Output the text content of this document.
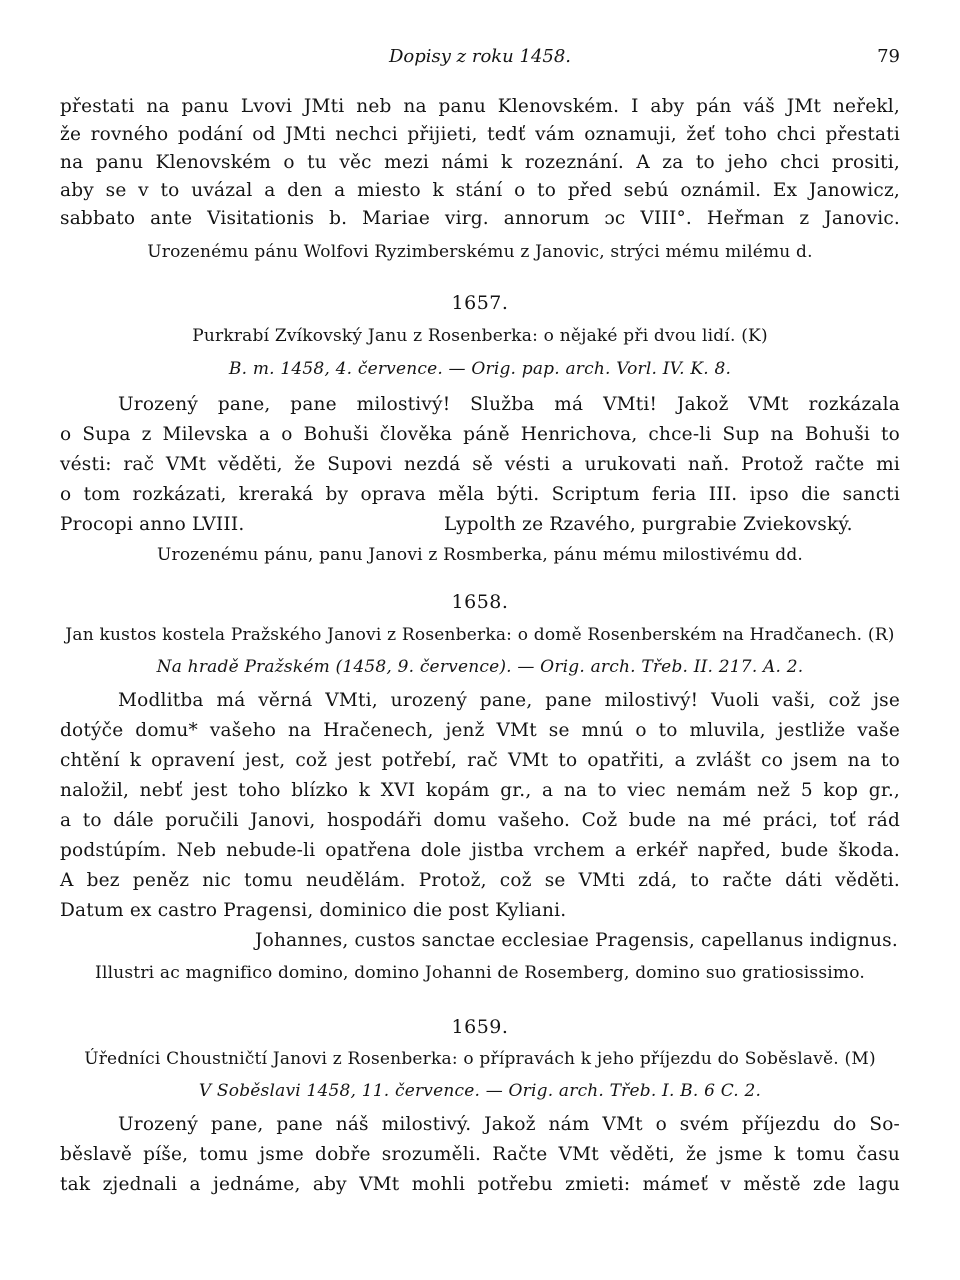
Dopisy z roku 1458.	79
přestati na panu Lvovi JMti neb na panu Klenovském. I aby pán váš JMt neřekl,
že rovného podání od JMti nechci přijieti, tedť vám oznamuji, žeť toho chci přestati
na panu Klenovském o tu věc mezi námi k rozeznání. A za to jeho chci prositi,
aby se v to uvázal a den a miesto k stání o to před sebú oznámil. Ex Janowicz,
sabbato ante Visitationis b. Mariae virg. annorum ɔc VIII°. Heřman z Janovic.
Urozenému pánu Wolfovi Ryzimberskému z Janovic, strýci mému milému d.
1657.
Purkrabí Zvíkovský Janu z Rosenberka: o nějaké při dvou lidí. (K)
B. m. 1458, 4. července. — Orig. pap. arch. Vorl. IV. K. 8.
Urozený pane, pane milostivý! Služba má VMti! Jakož VMt rozkázala
o Supa z Milevska a o Bohuši člověka páně Henrichova, chce-li Sup na Bohuši to
vésti: rač VMt věděti, že Supovi nezdá sě vésti a urukovati naň. Protož račte mi
o tom rozkázati, kreraká by oprava měla býti. Scriptum feria III. ipso die sancti
Procopi anno LVIII.	Lypolth ze Rzavého, purgrabie Zviekovský.
Urozenému pánu, panu Janovi z Rosmberka, pánu mému milostivému dd.
1658.
Jan kustos kostela Pražského Janovi z Rosenberka: o domě Rosenberském na Hradčanech. (R)
Na hradě Pražském (1458, 9. července). — Orig. arch. Třeb. II. 217. A. 2.
Modlitba má věrná VMti, urozený pane, pane milostivý! Vuoli vaši, což jse
dotýče domu* vašeho na Hračenech, jenž VMt se mnú o to mluvila, jestliže vaše
chtění k opravení jest, což jest potřebí, rač VMt to opatřiti, a zvlášt co jsem na to
naložil, nebť jest toho blízko k XVI kopám gr., a na to viec nemám než 5 kop gr.,
a to dále poručili Janovi, hospodáři domu vašeho. Což bude na mé práci, toť rád
podstúpím. Neb nebude-li opatřena dole jistba vrchem a erkéř napřed, bude škoda.
A bez peněz nic tomu neudělám. Protož, což se VMti zdá, to račte dáti věděti.
Datum ex castro Pragensi, dominico die post Kyliani.
Johannes, custos sanctae ecclesiae Pragensis, capellanus indignus.
Illustri ac magnifico domino, domino Johanni de Rosemberg, domino suo gratiosissimo.
1659.
Úředníci Choustničtí Janovi z Rosenberka: o přípravách k jeho příjezdu do Soběslavě. (M)
V Soběslavi 1458, 11. července. — Orig. arch. Třeb. I. B. 6 C. 2.
Urozený pane, pane náš milostivý. Jakož nám VMt o svém příjezdu do So-
běslavě píše, tomu jsme dobře srozuměli. Račte VMt věděti, že jsme k tomu času
tak zjednali a jednáme, aby VMt mohli potřebu zmieti: mámeť v městě zde lagu
